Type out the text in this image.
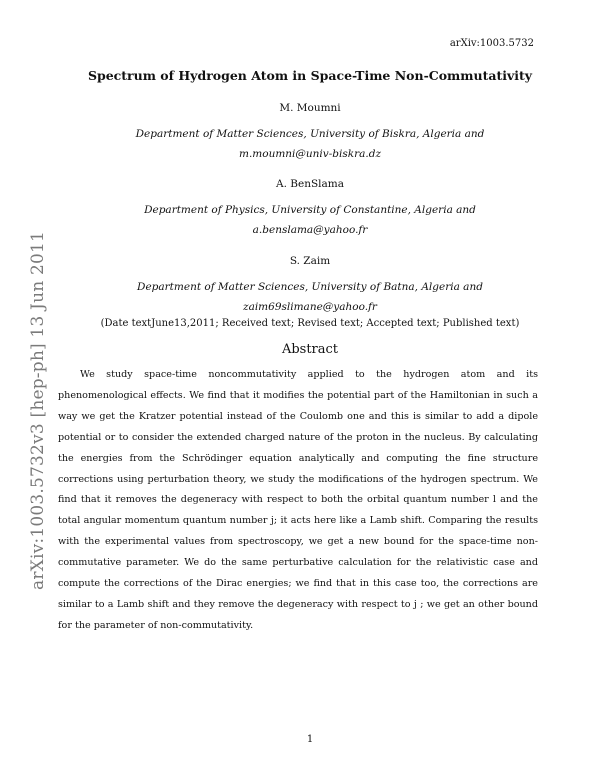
arXiv:1003.5732
arXiv:1003.5732v3 [hep-ph] 13 Jun 2011
Spectrum of Hydrogen Atom in Space-Time Non-Commutativity
M. Moumni
Department of Matter Sciences, University of Biskra, Algeria and
m.moumni@univ-biskra.dz
A. BenSlama
Department of Physics, University of Constantine, Algeria and
a.benslama@yahoo.fr
S. Zaim
Department of Matter Sciences, University of Batna, Algeria and
zaim69slimane@yahoo.fr
(Date textJune13,2011; Received text; Revised text; Accepted text; Published text)
Abstract
We study space-time noncommutativity applied to the hydrogen atom and its phenomenological effects. We find that it modifies the potential part of the Hamiltonian in such a way we get the Kratzer potential instead of the Coulomb one and this is similar to add a dipole potential or to consider the extended charged nature of the proton in the nucleus. By calculating the energies from the Schrödinger equation analytically and computing the fine structure corrections using perturbation theory, we study the modifications of the hydrogen spectrum. We find that it removes the degeneracy with respect to both the orbital quantum number l and the total angular momentum quantum number j; it acts here like a Lamb shift. Comparing the results with the experimental values from spectroscopy, we get a new bound for the space-time non-commutative parameter. We do the same perturbative calculation for the relativistic case and compute the corrections of the Dirac energies; we find that in this case too, the corrections are similar to a Lamb shift and they remove the degeneracy with respect to j ; we get an other bound for the parameter of non-commutativity.
1
